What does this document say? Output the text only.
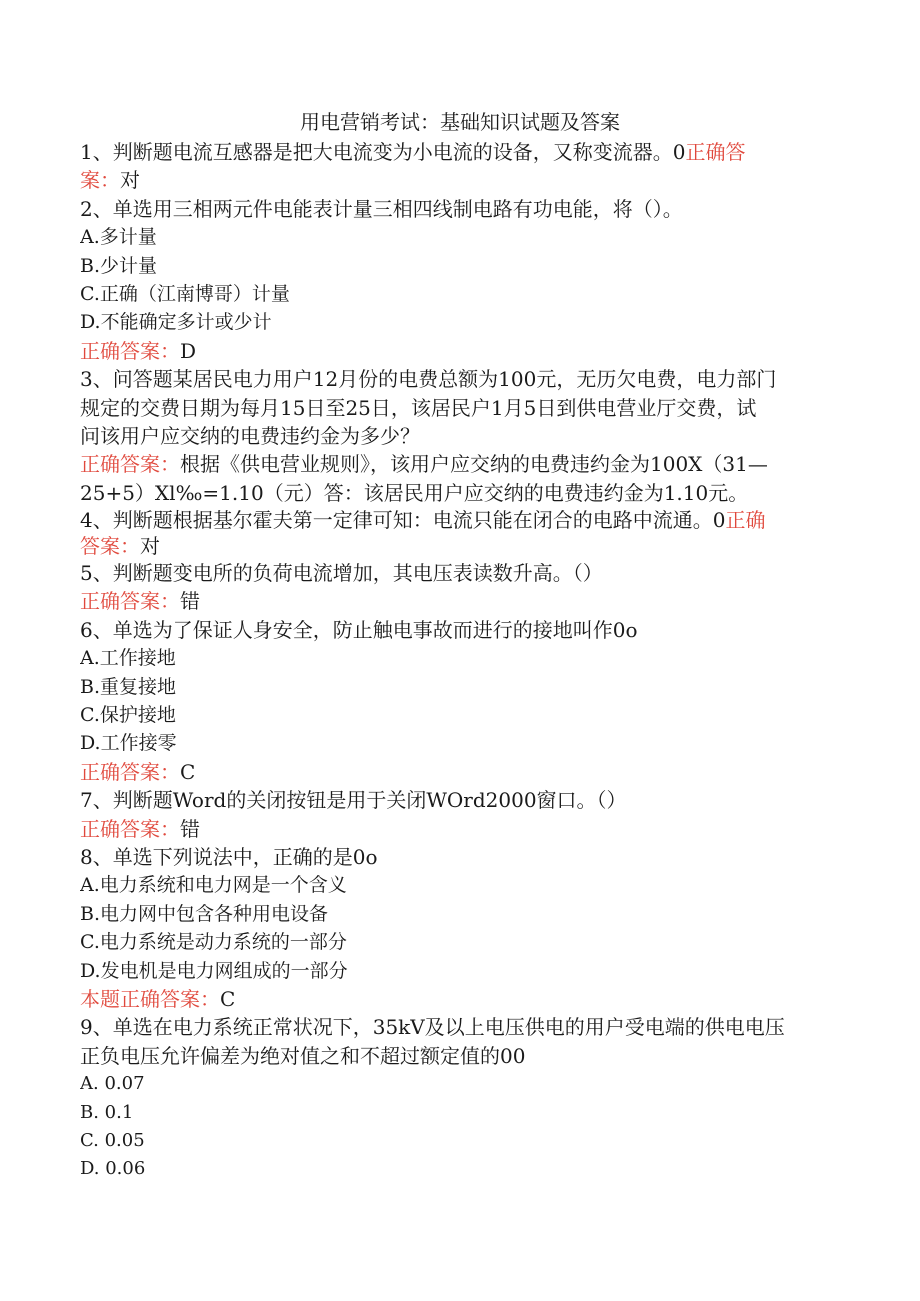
用电营销考试：基础知识试题及答案
1、判断题电流互感器是把大电流变为小电流的设备，又称变流器。0正确答
案：对
2、单选用三相两元件电能表计量三相四线制电路有功电能，将（）。
A.多计量
B.少计量
C.正确（江南博哥）计量
D.不能确定多计或少计
正确答案：D
3、问答题某居民电力用户12月份的电费总额为100元，无历欠电费，电力部门
规定的交费日期为每月15日至25日，该居民户1月5日到供电营业厅交费，试
问该用户应交纳的电费违约金为多少？
正确答案：根据《供电营业规则》，该用户应交纳的电费违约金为100X（31—
25+5）Xl‰=1.10（元）答：该居民用户应交纳的电费违约金为1.10元。
4、判断题根据基尔霍夫第一定律可知：电流只能在闭合的电路中流通。0正确
答案：对
5、判断题变电所的负荷电流增加，其电压表读数升高。（）
正确答案：错
6、单选为了保证人身安全，防止触电事故而进行的接地叫作0o
A.工作接地
B.重复接地
C.保护接地
D.工作接零
正确答案：C
7、判断题Word的关闭按钮是用于关闭WOrd2000窗口。（）
正确答案：错
8、单选下列说法中，正确的是0o
A.电力系统和电力网是一个含义
B.电力网中包含各种用电设备
C.电力系统是动力系统的一部分
D.发电机是电力网组成的一部分
本题正确答案：C
9、单选在电力系统正常状况下，35kV及以上电压供电的用户受电端的供电电压
正负电压允许偏差为绝对值之和不超过额定值的00
A. 0.07
B. 0.1
C. 0.05
D. 0.06
